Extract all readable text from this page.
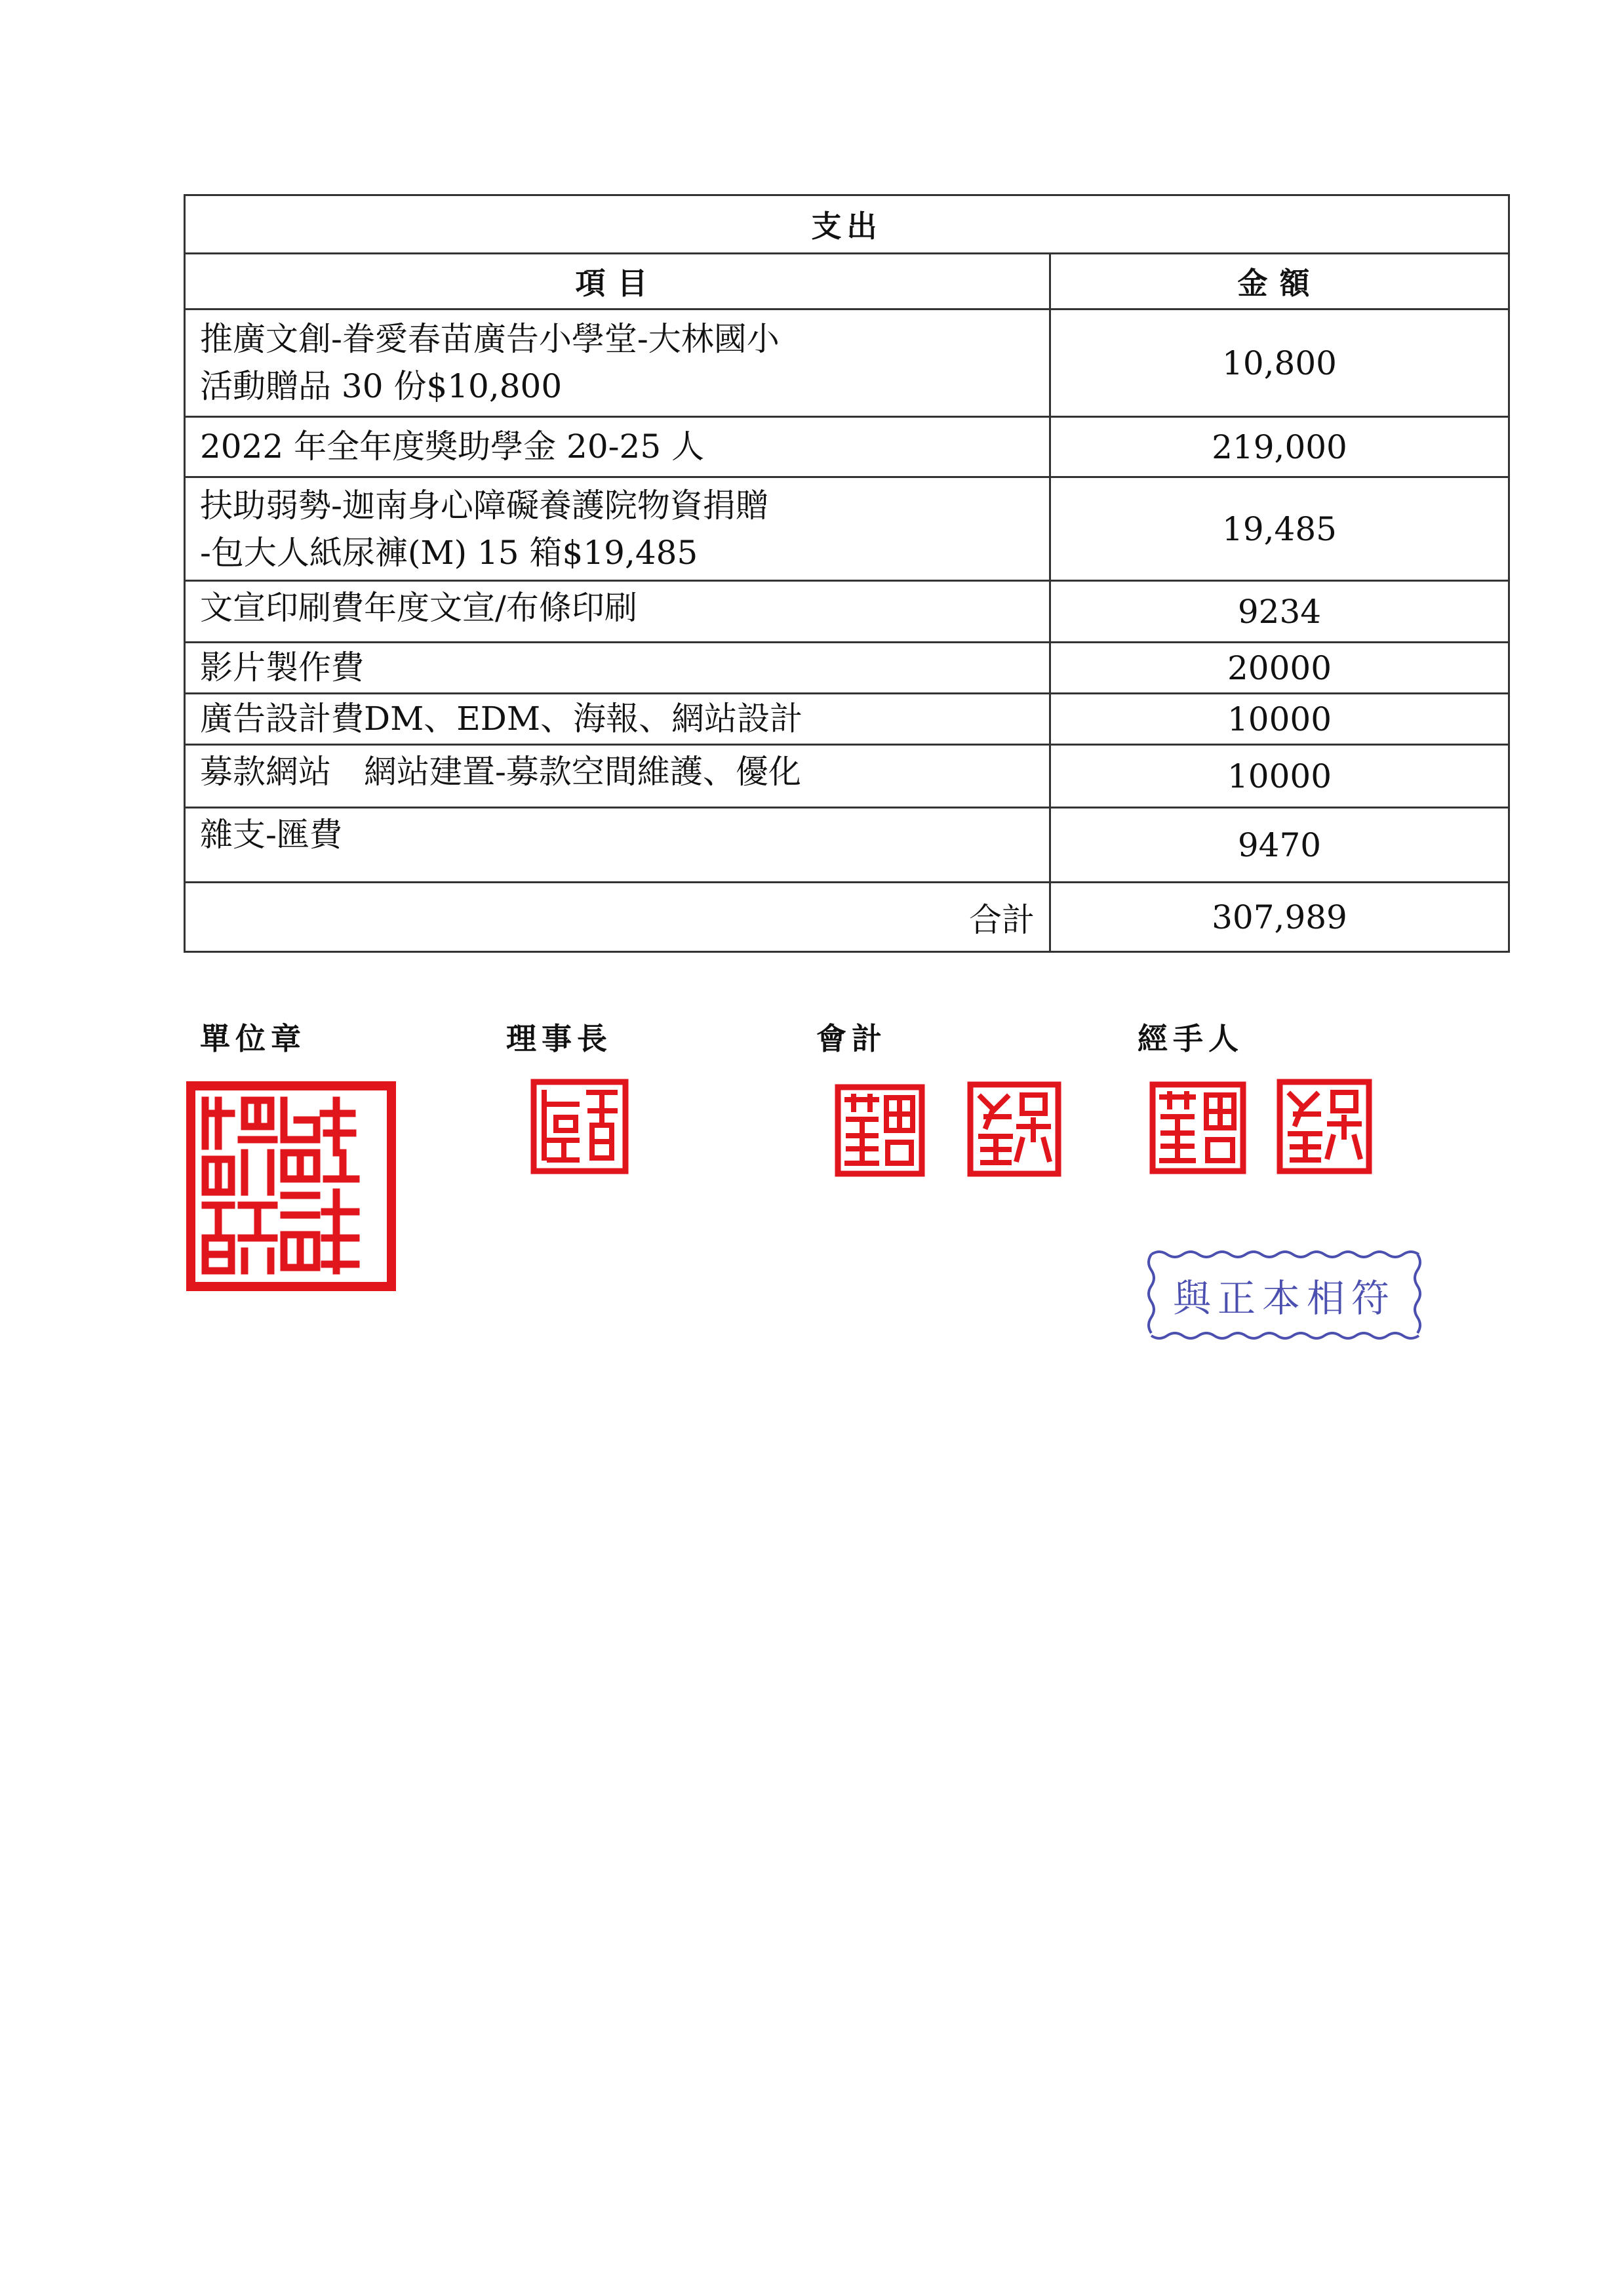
支出	
項目	金額

推廣文創-眷愛春苗廣告小學堂-大林國小
活動贈品 30 份$10,800	10,800

2022 年全年度獎助學金 20-25 人	219,000

扶助弱勢-迦南身心障礙養護院物資捐贈
-包大人紙尿褲(M) 15 箱$19,485	19,485

文宣印刷費年度文宣/布條印刷	9234

影片製作費	20000

廣告設計費DM、EDM、海報、網站設計	10000

募款網站　網站建置-募款空間維護、優化	10000

雜支-匯費	9470
合計	307,989
單位章	理事長	會計	經手人
與正本相符
